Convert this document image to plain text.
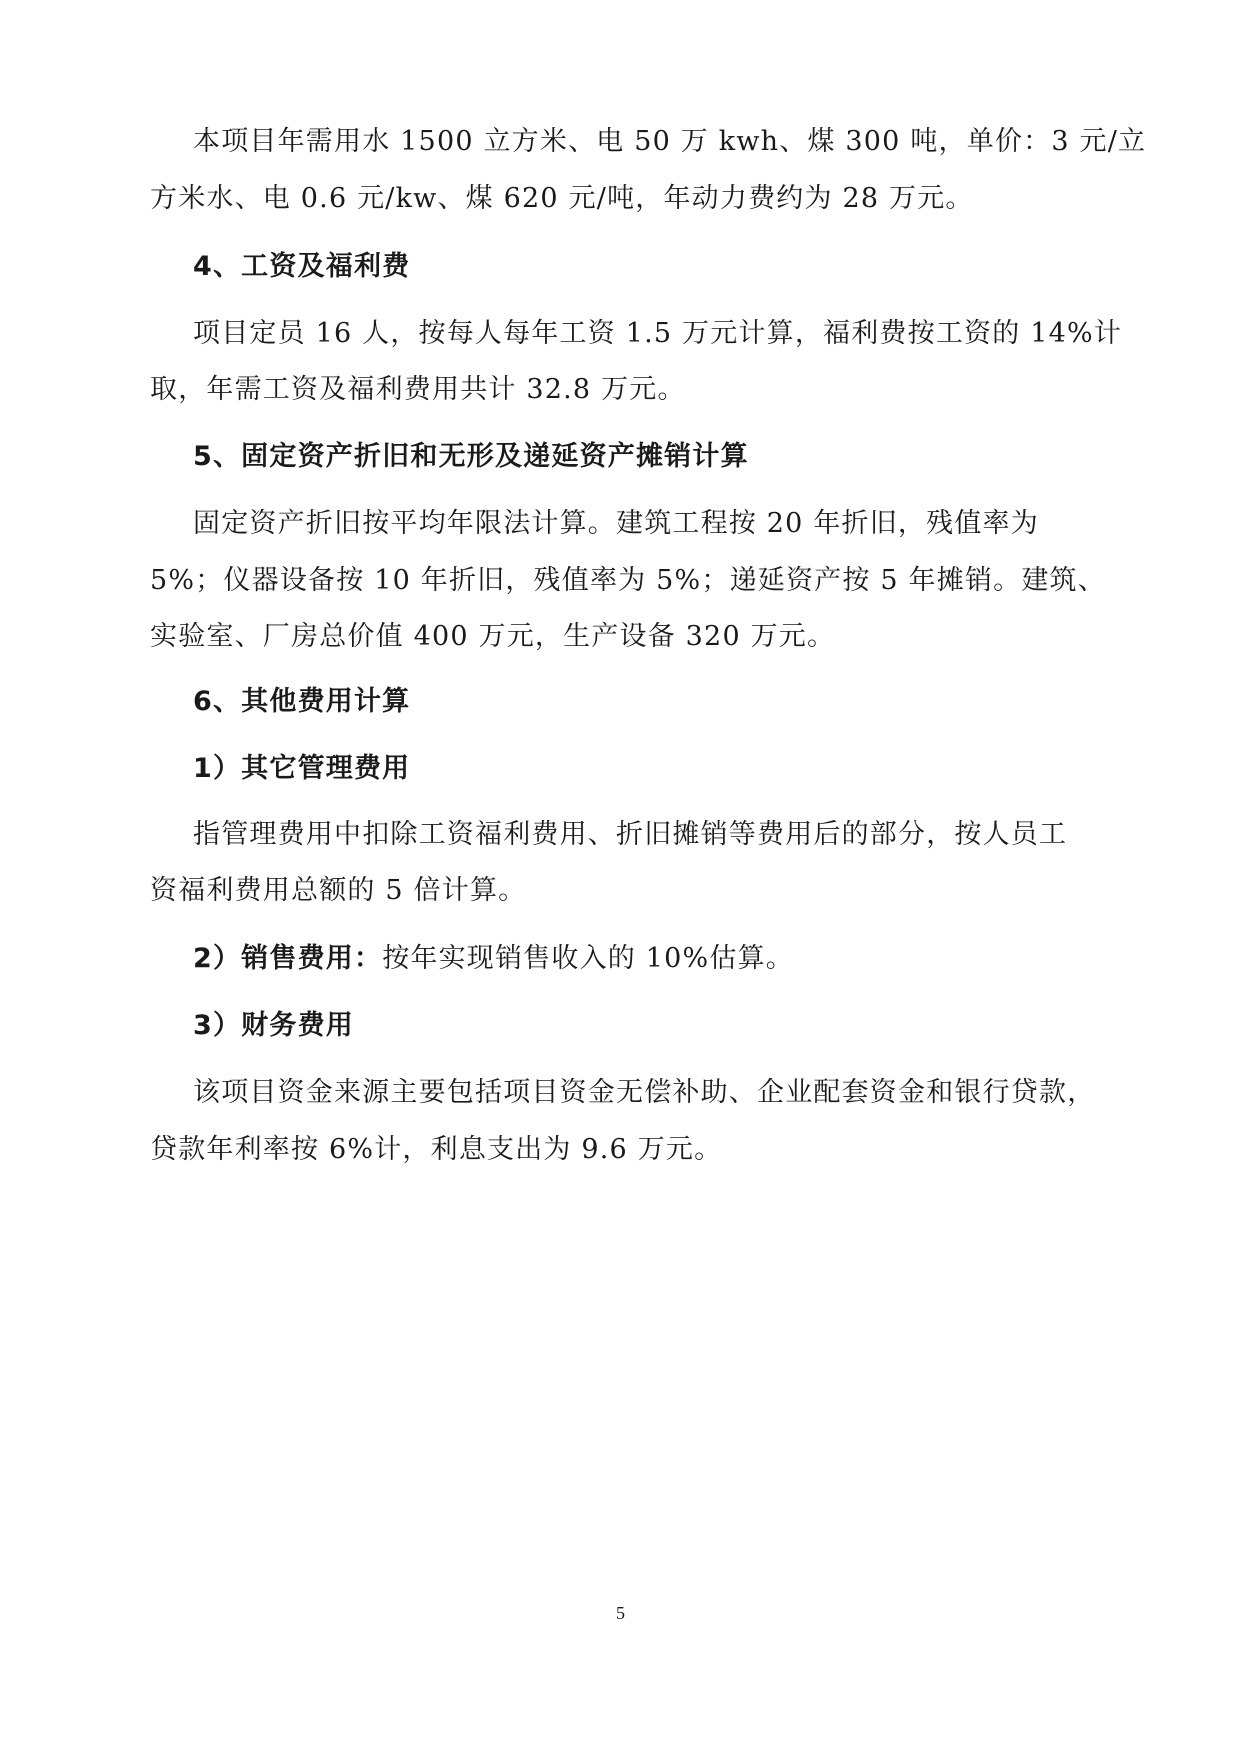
本项目年需用水 1500 立方米、电 50 万 kwh、煤 300 吨，单价：3 元/立
方米水、电 0.6 元/kw、煤 620 元/吨，年动力费约为 28 万元。
4、工资及福利费
项目定员 16 人，按每人每年工资 1.5 万元计算，福利费按工资的 14%计
取，年需工资及福利费用共计 32.8 万元。
5、固定资产折旧和无形及递延资产摊销计算
固定资产折旧按平均年限法计算。建筑工程按 20 年折旧，残值率为
5%；仪器设备按 10 年折旧，残值率为 5%；递延资产按 5 年摊销。建筑、
实验室、厂房总价值 400 万元，生产设备 320 万元。
6、其他费用计算
1）其它管理费用
指管理费用中扣除工资福利费用、折旧摊销等费用后的部分，按人员工
资福利费用总额的 5 倍计算。
2）销售费用：按年实现销售收入的 10%估算。
3）财务费用
该项目资金来源主要包括项目资金无偿补助、企业配套资金和银行贷款，
贷款年利率按 6%计，利息支出为 9.6 万元。
5
